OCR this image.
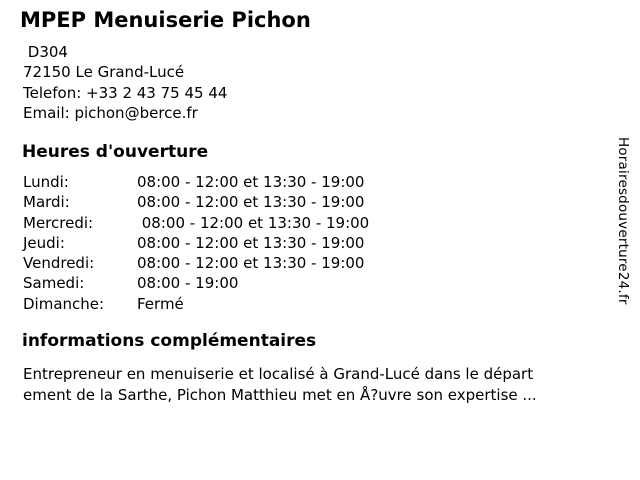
MPEP Menuiserie Pichon
D304
72150 Le Grand-Lucé
Telefon: +33 2 43 75 45 44
Email: pichon@berce.fr
Heures d'ouverture
Lundi:	08:00 - 12:00 et 13:30 - 19:00
Mardi:	08:00 - 12:00 et 13:30 - 19:00
Mercredi:	08:00 - 12:00 et 13:30 - 19:00
Jeudi:	08:00 - 12:00 et 13:30 - 19:00
Vendredi:	08:00 - 12:00 et 13:30 - 19:00
Samedi:	08:00 - 19:00
Dimanche:	Fermé
informations complémentaires
Entrepreneur en menuiserie et localisé à Grand-Lucé dans le départ
ement de la Sarthe, Pichon Matthieu met en Å?uvre son expertise ...
Horairesdouverture24.fr
